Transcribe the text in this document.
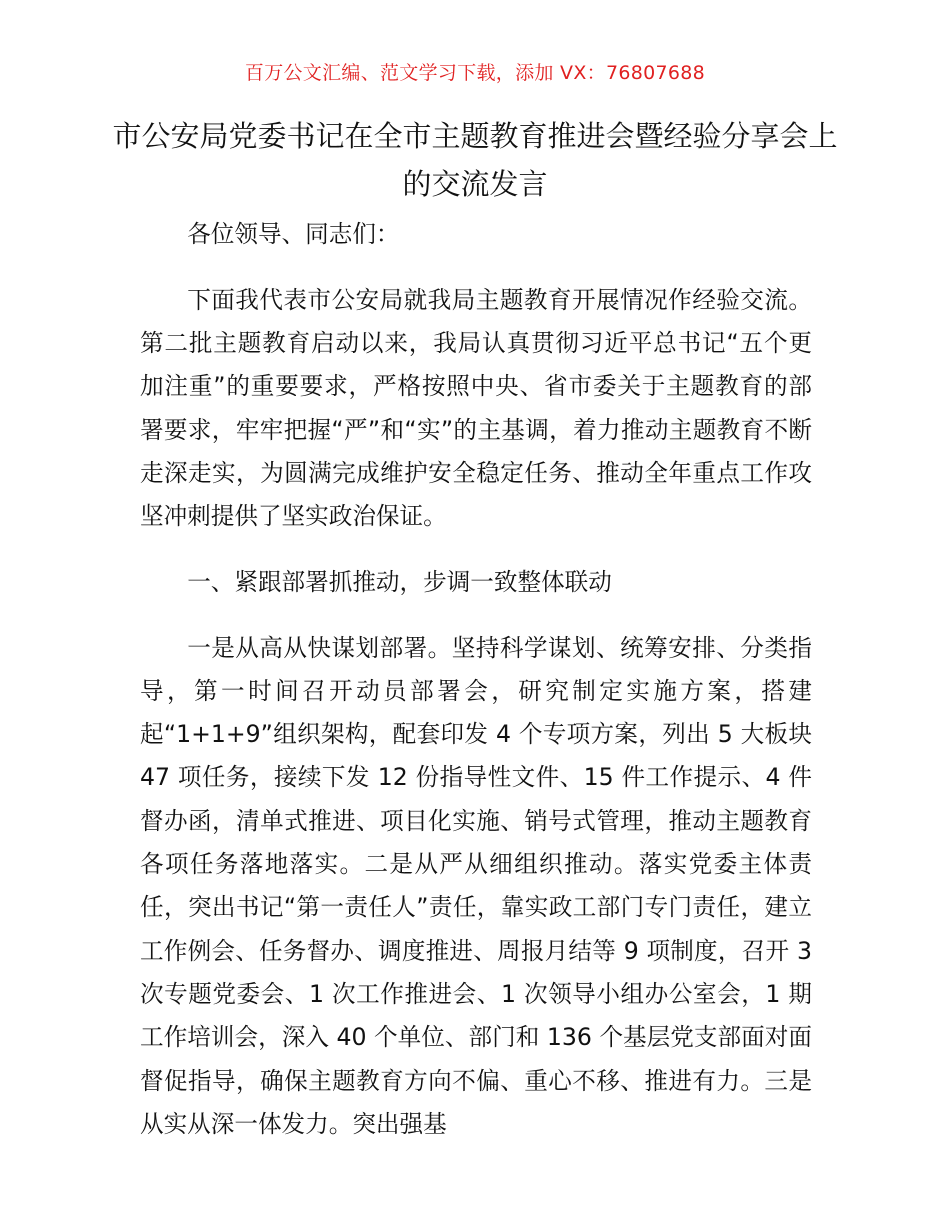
百万公文汇编、范文学习下载，添加 VX：76807688
市公安局党委书记在全市主题教育推进会暨经验分享会上的交流发言

各位领导、同志们：

下面我代表市公安局就我局主题教育开展情况作经验交流。第二批主题教育启动以来，我局认真贯彻习近平总书记“五个更加注重”的重要要求，严格按照中央、省市委关于主题教育的部署要求，牢牢把握“严”和“实”的主基调，着力推动主题教育不断走深走实，为圆满完成维护安全稳定任务、推动全年重点工作攻坚冲刺提供了坚实政治保证。

一、紧跟部署抓推动，步调一致整体联动

一是从高从快谋划部署。坚持科学谋划、统筹安排、分类指导，第一时间召开动员部署会，研究制定实施方案，搭建起“1+1+9”组织架构，配套印发 4 个专项方案，列出 5 大板块 47 项任务，接续下发 12 份指导性文件、15 件工作提示、4 件督办函，清单式推进、项目化实施、销号式管理，推动主题教育各项任务落地落实。二是从严从细组织推动。落实党委主体责任，突出书记“第一责任人”责任，靠实政工部门专门责任，建立工作例会、任务督办、调度推进、周报月结等 9 项制度，召开 3 次专题党委会、1 次工作推进会、1 次领导小组办公室会，1 期工作培训会，深入 40 个单位、部门和 136 个基层党支部面对面督促指导，确保主题教育方向不偏、重心不移、推进有力。三是从实从深一体发力。突出强基
